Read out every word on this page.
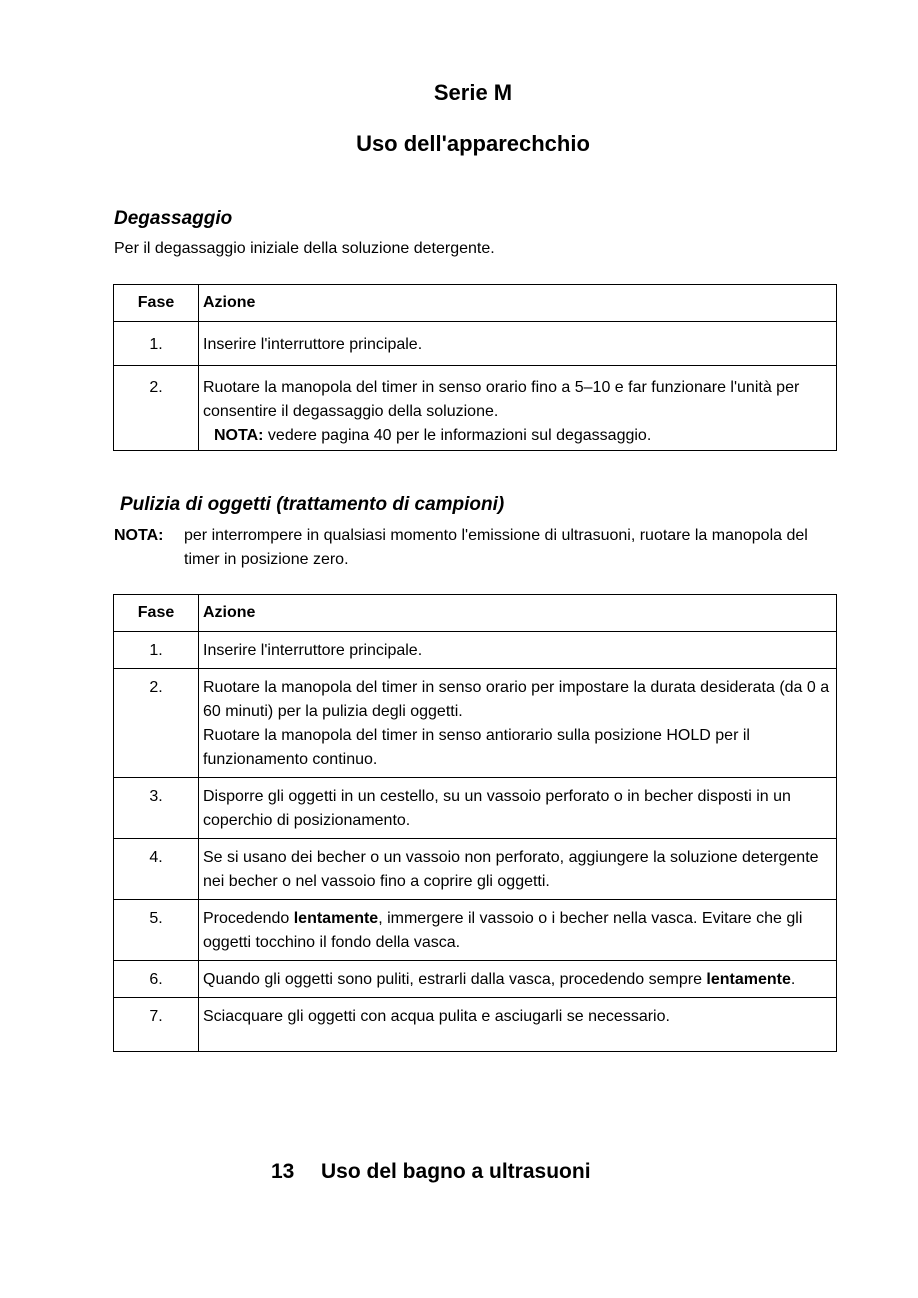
Serie M
Uso dell'apparechchio
Degassaggio

Per il degassaggio iniziale della soluzione detergente.

Fase	Azione
1.	Inserire l'interruttore principale.
2.	Ruotare la manopola del timer in senso orario fino a 5–10 e far funzionare l'unità per consentire il degassaggio della soluzione.
NOTA: vedere pagina 40 per le informazioni sul degassaggio.
Pulizia di oggetti (trattamento di campioni)
NOTA: per interrompere in qualsiasi momento l'emissione di ultrasuoni, ruotare la manopola del timer in posizione zero.
Fase	Azione
1.	Inserire l'interruttore principale.
2.	Ruotare la manopola del timer in senso orario per impostare la durata desiderata (da 0 a 60 minuti) per la pulizia degli oggetti.
Ruotare la manopola del timer in senso antiorario sulla posizione HOLD per il funzionamento continuo.
3.	Disporre gli oggetti in un cestello, su un vassoio perforato o in becher disposti in un coperchio di posizionamento.
4.	Se si usano dei becher o un vassoio non perforato, aggiungere la soluzione detergente nei becher o nel vassoio fino a coprire gli oggetti.
5.	Procedendo lentamente, immergere il vassoio o i becher nella vasca. Evitare che gli oggetti tocchino il fondo della vasca.
6.	Quando gli oggetti sono puliti, estrarli dalla vasca, procedendo sempre lentamente.
7.	Sciacquare gli oggetti con acqua pulita e asciugarli se necessario.
13 Uso del bagno a ultrasuoni
